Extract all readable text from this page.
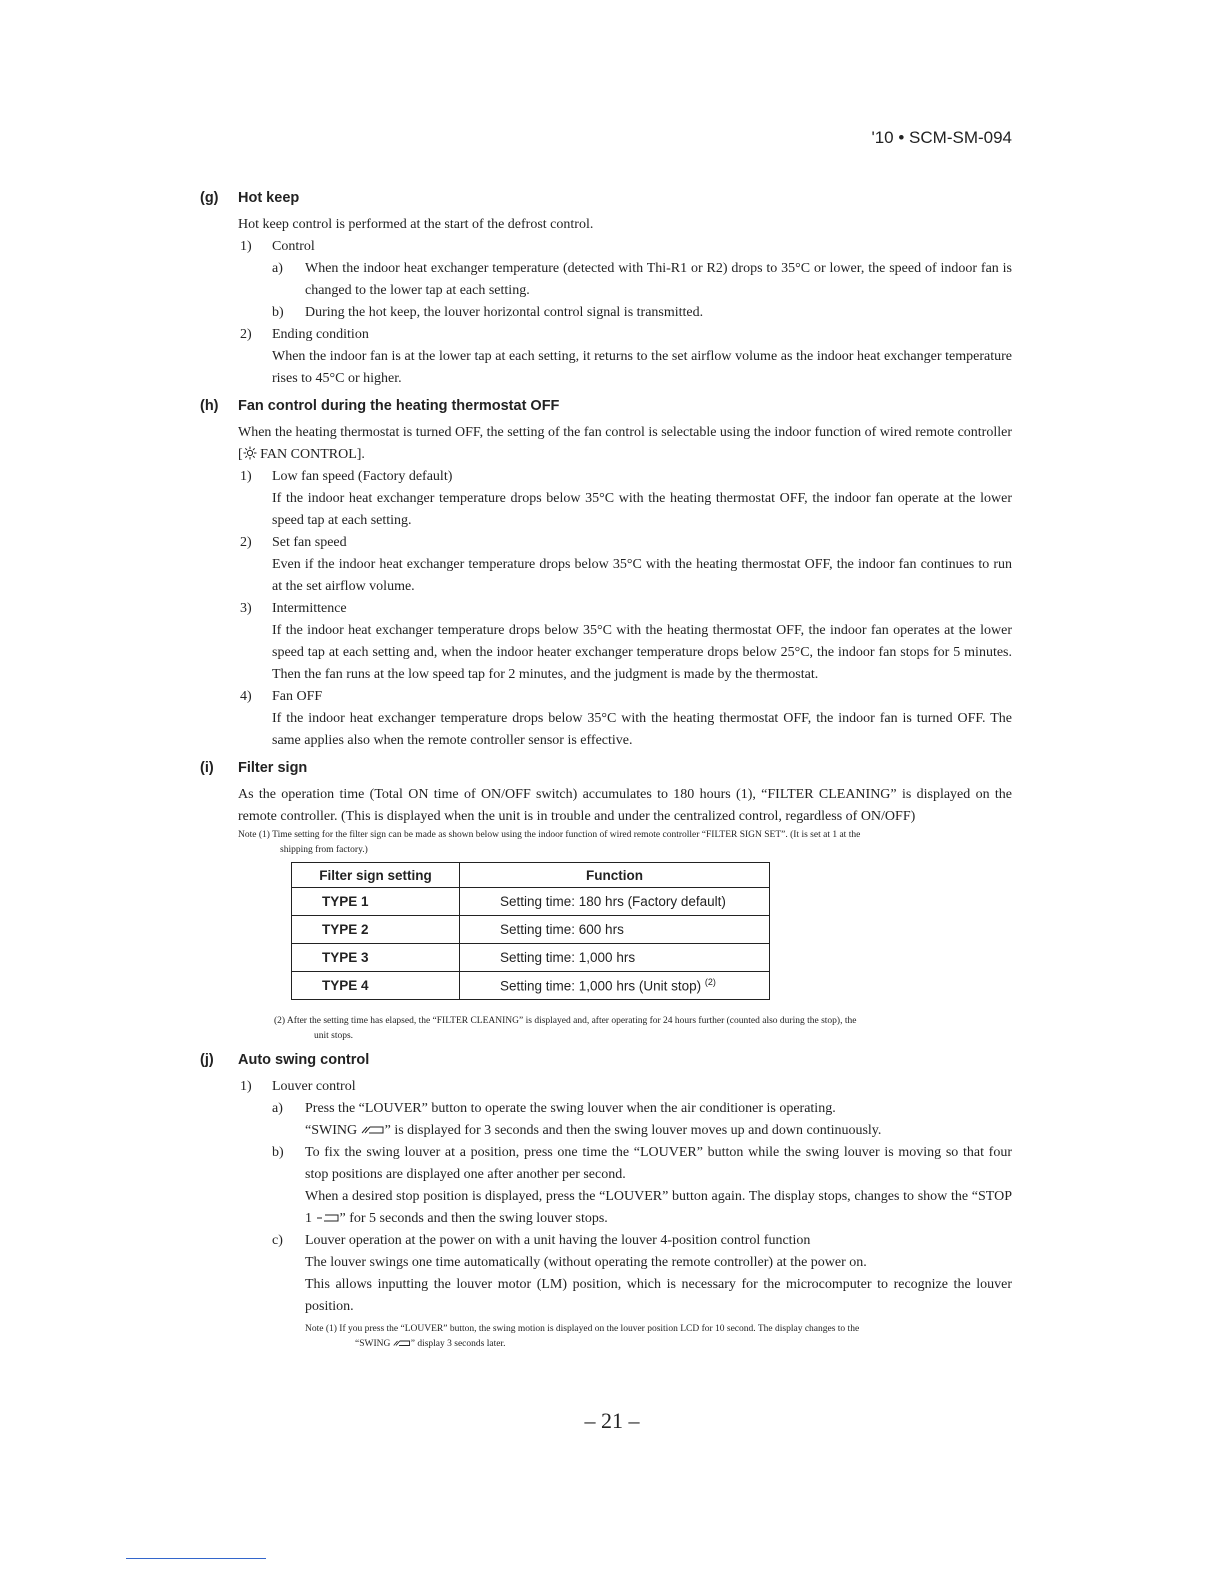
'10 • SCM-SM-094
(g) Hot keep
Hot keep control is performed at the start of the defrost control.
1) Control
a) When the indoor heat exchanger temperature (detected with Thi-R1 or R2) drops to 35°C or lower, the speed of indoor fan is changed to the lower tap at each setting.
b) During the hot keep, the louver horizontal control signal is transmitted.
2) Ending condition
When the indoor fan is at the lower tap at each setting, it returns to the set airflow volume as the indoor heat exchanger temperature rises to 45°C or higher.
(h) Fan control during the heating thermostat OFF
When the heating thermostat is turned OFF, the setting of the fan control is selectable using the indoor function of wired remote controller [ FAN CONTROL].
1) Low fan speed (Factory default)
If the indoor heat exchanger temperature drops below 35°C with the heating thermostat OFF, the indoor fan operate at the lower speed tap at each setting.
2) Set fan speed
Even if the indoor heat exchanger temperature drops below 35°C with the heating thermostat OFF, the indoor fan continues to run at the set airflow volume.
3) Intermittence
If the indoor heat exchanger temperature drops below 35°C with the heating thermostat OFF, the indoor fan operates at the lower speed tap at each setting and, when the indoor heater exchanger temperature drops below 25°C, the indoor fan stops for 5 minutes. Then the fan runs at the low speed tap for 2 minutes, and the judgment is made by the thermostat.
4) Fan OFF
If the indoor heat exchanger temperature drops below 35°C with the heating thermostat OFF, the indoor fan is turned OFF. The same applies also when the remote controller sensor is effective.
(i) Filter sign
As the operation time (Total ON time of ON/OFF switch) accumulates to 180 hours (1), “FILTER CLEANING” is displayed on the remote controller. (This is displayed when the unit is in trouble and under the centralized control, regardless of ON/OFF)
Note (1) Time setting for the filter sign can be made as shown below using the indoor function of wired remote controller “FILTER SIGN SET”. (It is set at 1 at the
shipping from factory.)
Filter sign setting	Function
TYPE 1	Setting time: 180 hrs (Factory default)
TYPE 2	Setting time: 600 hrs
TYPE 3	Setting time: 1,000 hrs
TYPE 4	Setting time: 1,000 hrs (Unit stop) $^{(2)}$
(2) After the setting time has elapsed, the “FILTER CLEANING” is displayed and, after operating for 24 hours further (counted also during the stop), the
unit stops.
(j) Auto swing control
1) Louver control
a) Press the “LOUVER” button to operate the swing louver when the air conditioner is operating.
“SWING ” is displayed for 3 seconds and then the swing louver moves up and down continuously.
b) To fix the swing louver at a position, press one time the “LOUVER” button while the swing louver is moving so that four stop positions are displayed one after another per second.
When a desired stop position is displayed, press the “LOUVER” button again. The display stops, changes to show the “STOP 1 ” for 5 seconds and then the swing louver stops.
c) Louver operation at the power on with a unit having the louver 4-position control function
The louver swings one time automatically (without operating the remote controller) at the power on.
This allows inputting the louver motor (LM) position, which is necessary for the microcomputer to recognize the louver position.
Note (1) If you press the “LOUVER” button, the swing motion is displayed on the louver position LCD for 10 second. The display changes to the
“SWING ” display 3 seconds later.
– 21 –
